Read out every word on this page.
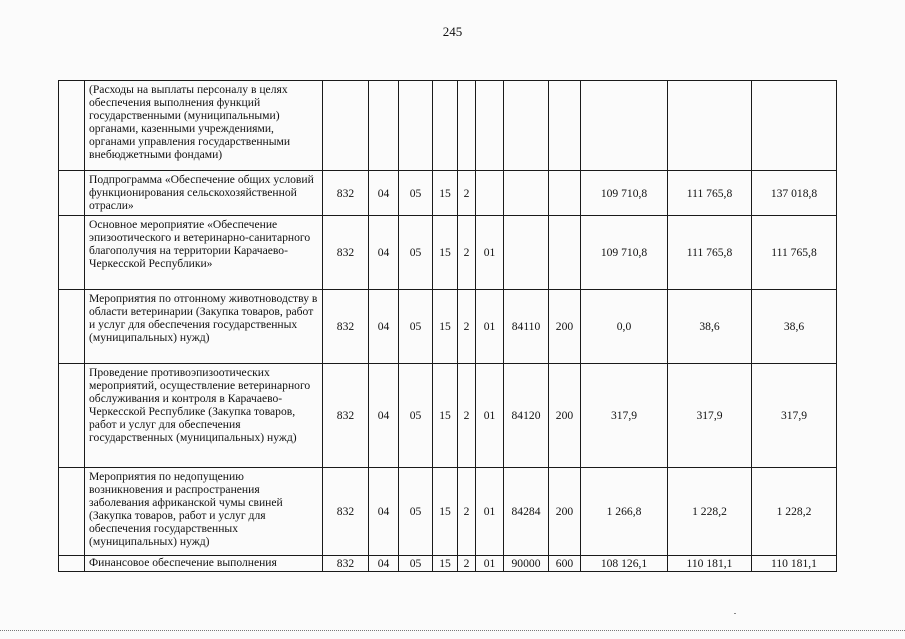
245
	(Расходы на выплаты персоналу в целях обеспечения выполнения функций государственными (муниципальными) органами, казенными учреждениями, органами управления государственными внебюджетными фондами)											
	Подпрограмма «Обеспечение общих условий функционирования сельскохозяйственной отрасли»	832	04	05	15	2				109 710,8	111 765,8	137 018,8
	Основное мероприятие «Обеспечение эпизоотического и ветеринарно-санитарного благополучия на территории Карачаево-Черкесской Республики»	832	04	05	15	2	01			109 710,8	111 765,8	111 765,8
	Мероприятия по отгонному животноводству в области ветеринарии (Закупка товаров, работ и услуг для обеспечения государственных (муниципальных) нужд)	832	04	05	15	2	01	84110	200	0,0	38,6	38,6
	Проведение противоэпизоотических мероприятий, осуществление ветеринарного обслуживания и контроля в Карачаево-Черкесской Республике (Закупка товаров, работ и услуг для обеспечения государственных (муниципальных) нужд)	832	04	05	15	2	01	84120	200	317,9	317,9	317,9
	Мероприятия по недопущению возникновения и распространения заболевания африканской чумы свиней (Закупка товаров, работ и услуг для обеспечения государственных (муниципальных) нужд)	832	04	05	15	2	01	84284	200	1 266,8	1 228,2	1 228,2
	Финансовое обеспечение выполнения	832	04	05	15	2	01	90000	600	108 126,1	110 181,1	110 181,1
